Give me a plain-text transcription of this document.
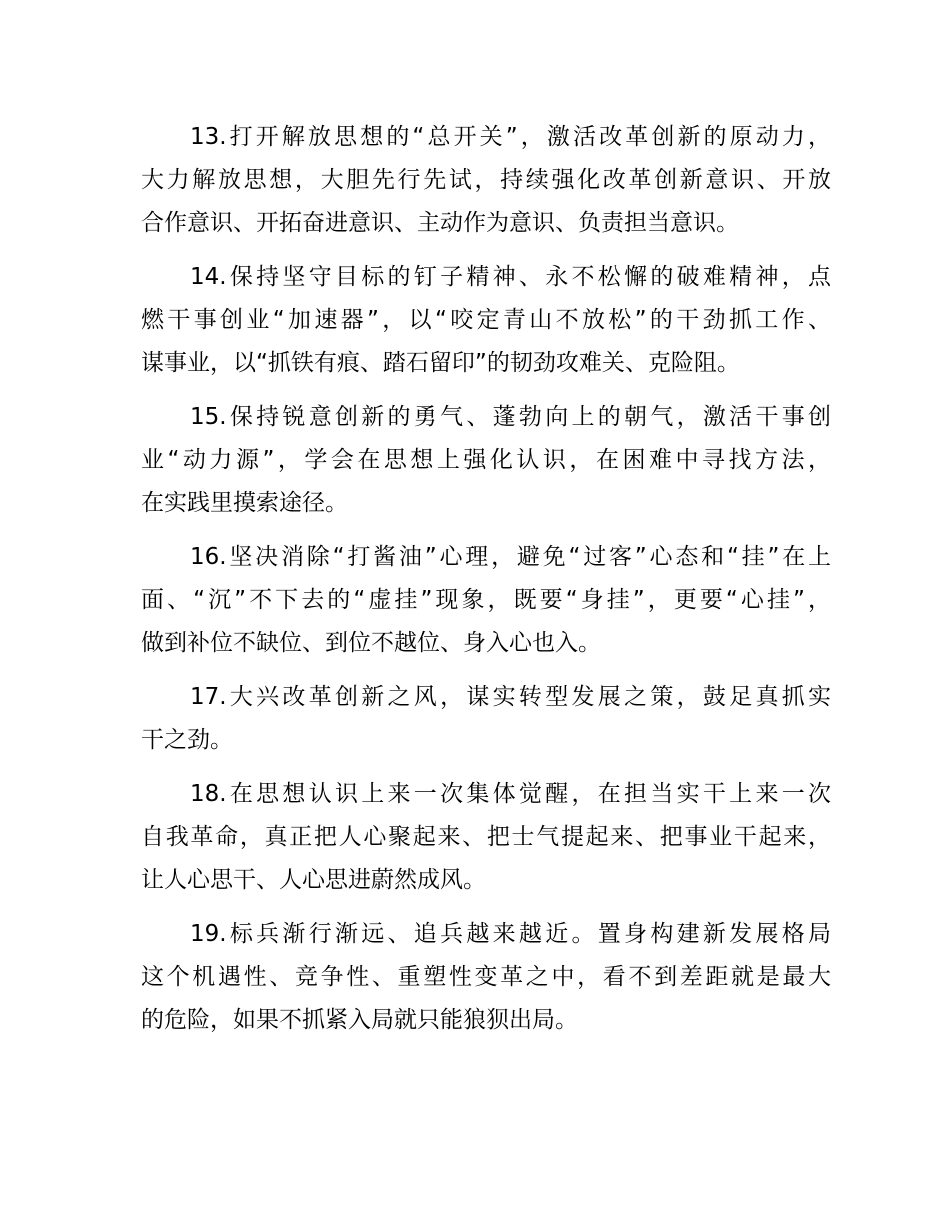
13.打开解放思想的“总开关”，激活改革创新的原动力，
大力解放思想，大胆先行先试，持续强化改革创新意识、开放
合作意识、开拓奋进意识、主动作为意识、负责担当意识。
14.保持坚守目标的钉子精神、永不松懈的破难精神，点
燃干事创业“加速器”，以“咬定青山不放松”的干劲抓工作、
谋事业，以“抓铁有痕、踏石留印”的韧劲攻难关、克险阻。
15.保持锐意创新的勇气、蓬勃向上的朝气，激活干事创
业“动力源”，学会在思想上强化认识，在困难中寻找方法，
在实践里摸索途径。
16.坚决消除“打酱油”心理，避免“过客”心态和“挂”在上
面、“沉”不下去的“虚挂”现象，既要“身挂”，更要“心挂”，
做到补位不缺位、到位不越位、身入心也入。
17.大兴改革创新之风，谋实转型发展之策，鼓足真抓实
干之劲。
18.在思想认识上来一次集体觉醒，在担当实干上来一次
自我革命，真正把人心聚起来、把士气提起来、把事业干起来，
让人心思干、人心思进蔚然成风。
19.标兵渐行渐远、追兵越来越近。置身构建新发展格局
这个机遇性、竞争性、重塑性变革之中，看不到差距就是最大
的危险，如果不抓紧入局就只能狼狈出局。
